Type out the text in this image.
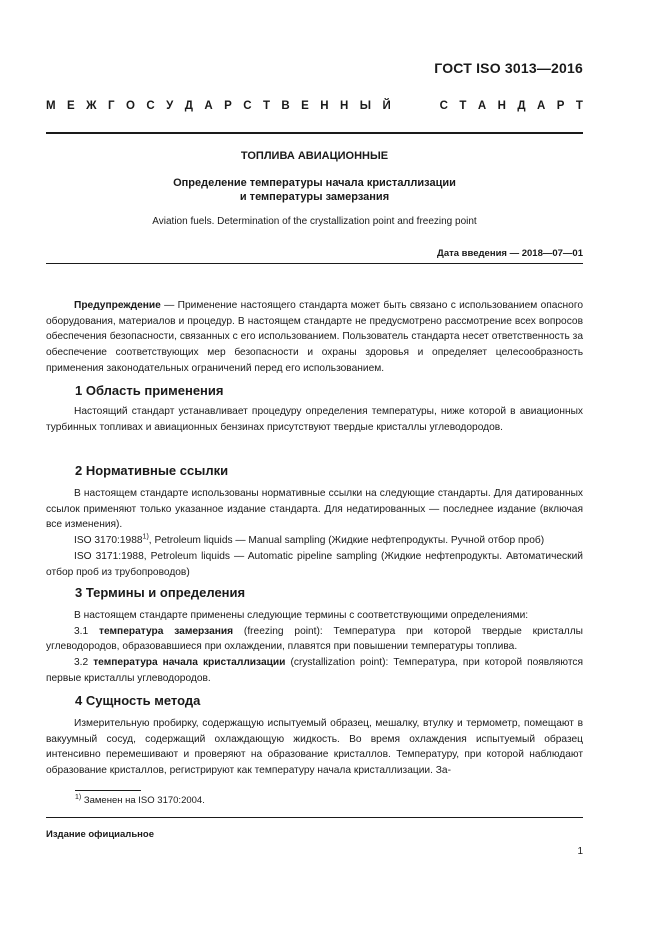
ГОСТ ISO 3013—2016
М Е Ж Г О С У Д А Р С Т В Е Н Н Ы Й	С Т А Н Д А Р Т
ТОПЛИВА АВИАЦИОННЫЕ
Определение температуры начала кристаллизации
и температуры замерзания
Aviation fuels. Determination of the crystallization point and freezing point
Дата введения — 2018—07—01

Предупреждение — Применение настоящего стандарта может быть связано с использованием опасного оборудования, материалов и процедур. В настоящем стандарте не предусмотрено рассмотрение всех вопросов обеспечения безопасности, связанных с его использованием. Пользователь стандарта несет ответственность за обеспечение соответствующих мер безопасности и охраны здоровья и определяет целесообразность применения законодательных ограничений перед его использованием.

1 Область применения

Настоящий стандарт устанавливает процедуру определения температуры, ниже которой в авиационных турбинных топливах и авиационных бензинах присутствуют твердые кристаллы углеводородов.

2 Нормативные ссылки

В настоящем стандарте использованы нормативные ссылки на следующие стандарты. Для датированных ссылок применяют только указанное издание стандарта. Для недатированных — последнее издание (включая все изменения).

ISO 3170:1988$^{1)}$, Petroleum liquids — Manual sampling (Жидкие нефтепродукты. Ручной отбор проб)

ISO 3171:1988, Petroleum liquids — Automatic pipeline sampling (Жидкие нефтепродукты. Автоматический отбор проб из трубопроводов)

3 Термины и определения

В настоящем стандарте применены следующие термины с соответствующими определениями:

3.1 температура замерзания (freezing point): Температура при которой твердые кристаллы углеводородов, образовавшиеся при охлаждении, плавятся при повышении температуры топлива.

3.2 температура начала кристаллизации (crystallization point): Температура, при которой появляются первые кристаллы углеводородов.

4 Сущность метода

Измерительную пробирку, содержащую испытуемый образец, мешалку, втулку и термометр, помещают в вакуумный сосуд, содержащий охлаждающую жидкость. Во время охлаждения испытуемый образец интенсивно перемешивают и проверяют на образование кристаллов. Температуру, при которой наблюдают образование кристаллов, регистрируют как температуру начала кристаллизации. За-

$^{1)}$ Заменен на ISO 3170:2004.
Издание официальное
1
